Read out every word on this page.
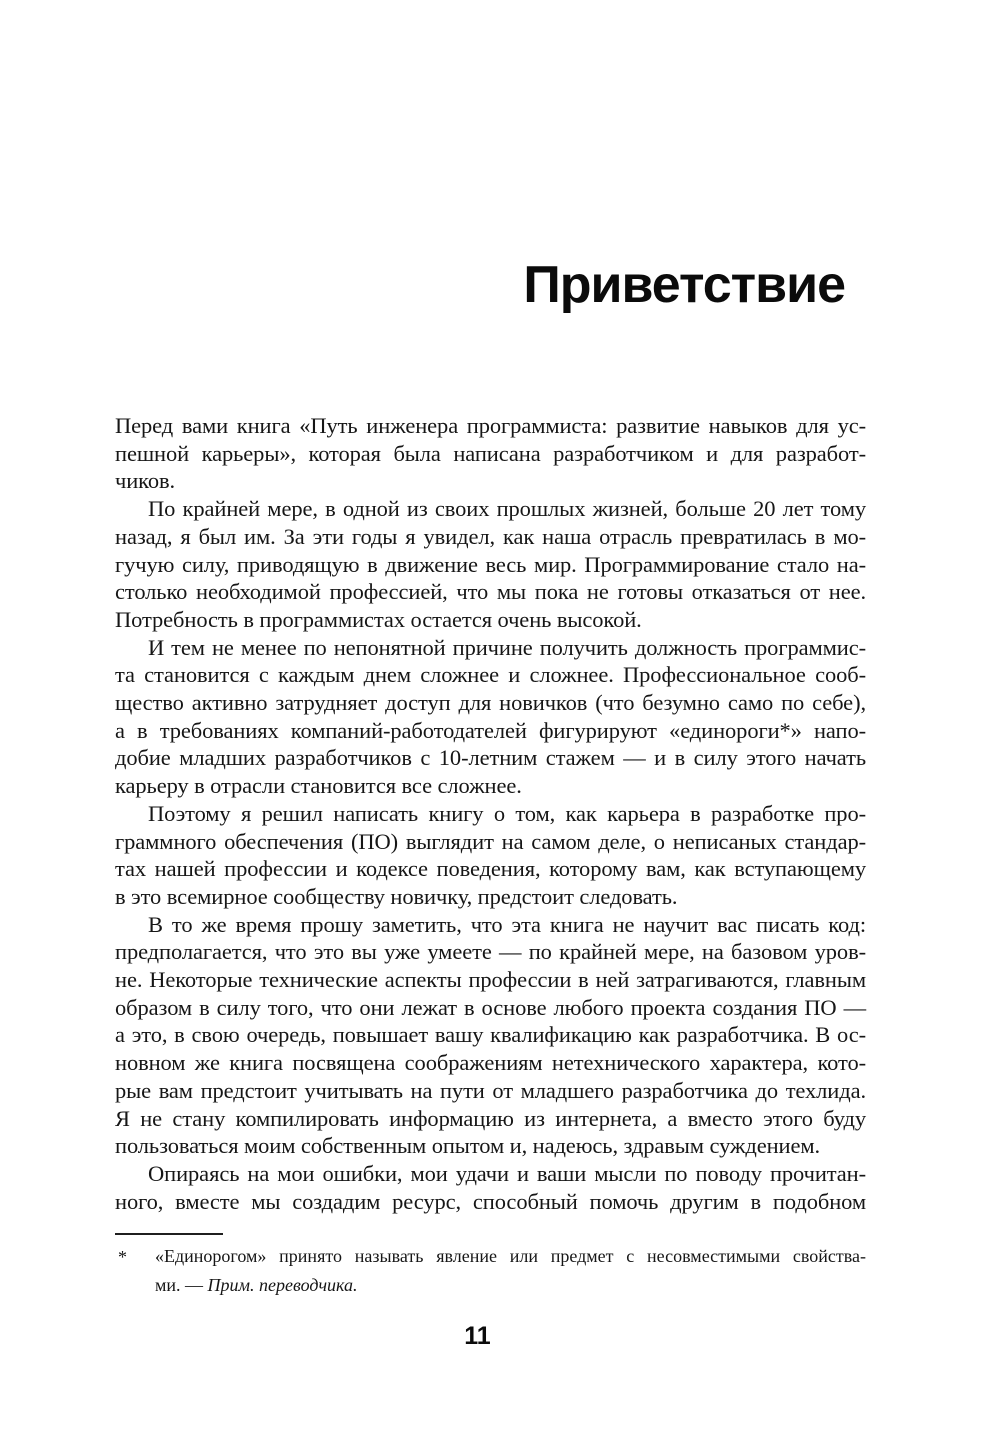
Приветствие
Перед вами книга «Путь инженера программиста: развитие навыков для ус-
пешной карьеры», которая была написана разработчиком и для разработ-
чиков.
По крайней мере, в одной из своих прошлых жизней, больше 20 лет тому
назад, я был им. За эти годы я увидел, как наша отрасль превратилась в мо-
гучую силу, приводящую в движение весь мир. Программирование стало на-
столько необходимой профессией, что мы пока не готовы отказаться от нее.
Потребность в программистах остается очень высокой.
И тем не менее по непонятной причине получить должность программис-
та становится с каждым днем сложнее и сложнее. Профессиональное сооб-
щество активно затрудняет доступ для новичков (что безумно само по себе),
а в требованиях компаний-работодателей фигурируют «единороги*» напо-
добие младших разработчиков с 10-летним стажем — и в силу этого начать
карьеру в отрасли становится все сложнее.
Поэтому я решил написать книгу о том, как карьера в разработке про-
граммного обеспечения (ПО) выглядит на самом деле, о неписаных стандар-
тах нашей профессии и кодексе поведения, которому вам, как вступающему
в это всемирное сообществу новичку, предстоит следовать.
В то же время прошу заметить, что эта книга не научит вас писать код:
предполагается, что это вы уже умеете — по крайней мере, на базовом уров-
не. Некоторые технические аспекты профессии в ней затрагиваются, главным
образом в силу того, что они лежат в основе любого проекта создания ПО —
а это, в свою очередь, повышает вашу квалификацию как разработчика. В ос-
новном же книга посвящена соображениям нетехнического характера, кото-
рые вам предстоит учитывать на пути от младшего разработчика до техлида.
Я не стану компилировать информацию из интернета, а вместо этого буду
пользоваться моим собственным опытом и, надеюсь, здравым суждением.
Опираясь на мои ошибки, мои удачи и ваши мысли по поводу прочитан-
ного, вместе мы создадим ресурс, способный помочь другим в подобном
* «Единорогом» принято называть явление или предмет с несовместимыми свойства-
ми. — Прим. переводчика.
11
